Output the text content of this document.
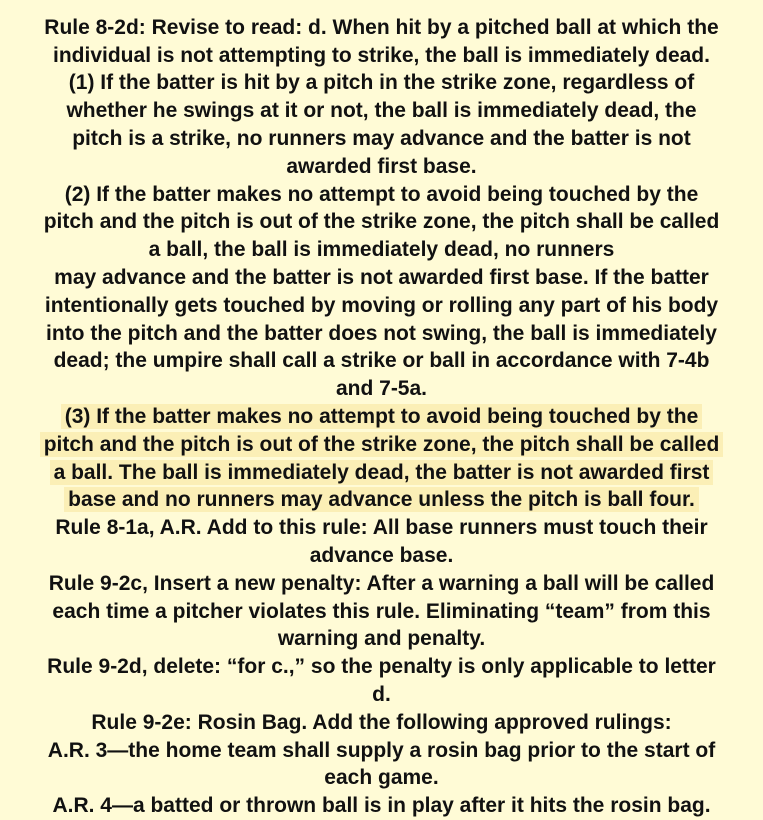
Rule 8-2d: Revise to read: d. When hit by a pitched ball at which the
individual is not attempting to strike, the ball is immediately dead.
(1) If the batter is hit by a pitch in the strike zone, regardless of
whether he swings at it or not, the ball is immediately dead, the
pitch is a strike, no runners may advance and the batter is not
awarded first base.
(2) If the batter makes no attempt to avoid being touched by the
pitch and the pitch is out of the strike zone, the pitch shall be called
a ball, the ball is immediately dead, no runners
may advance and the batter is not awarded first base. If the batter
intentionally gets touched by moving or rolling any part of his body
into the pitch and the batter does not swing, the ball is immediately
dead; the umpire shall call a strike or ball in accordance with 7-4b
and 7-5a.
(3) If the batter makes no attempt to avoid being touched by the
pitch and the pitch is out of the strike zone, the pitch shall be called
a ball. The ball is immediately dead, the batter is not awarded first
base and no runners may advance unless the pitch is ball four.
Rule 8-1a, A.R. Add to this rule: All base runners must touch their
advance base.
Rule 9-2c, Insert a new penalty: After a warning a ball will be called
each time a pitcher violates this rule. Eliminating “team” from this
warning and penalty.
Rule 9-2d, delete: “for c.,” so the penalty is only applicable to letter
d.
Rule 9-2e: Rosin Bag. Add the following approved rulings:
A.R. 3—the home team shall supply a rosin bag prior to the start of
each game.
A.R. 4—a batted or thrown ball is in play after it hits the rosin bag.
